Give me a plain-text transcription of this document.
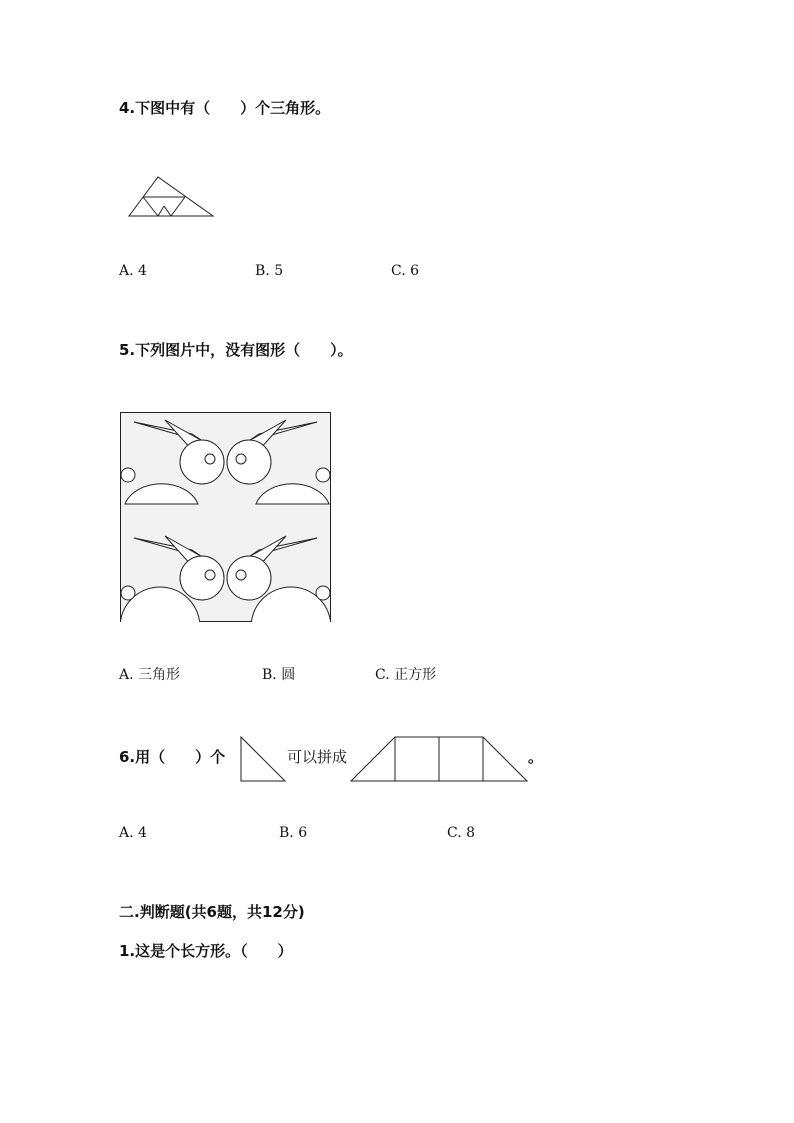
4.下图中有（　　）个三角形。
A. 4	B. 5	C. 6
5.下列图片中，没有图形（　　）。
A. 三角形	B. 圆	C. 正方形
6.用（　　）个	可以拼成	。
A. 4	B. 6	C. 8
二.判断题(共6题，共12分)
1.这是个长方形。（　　）
